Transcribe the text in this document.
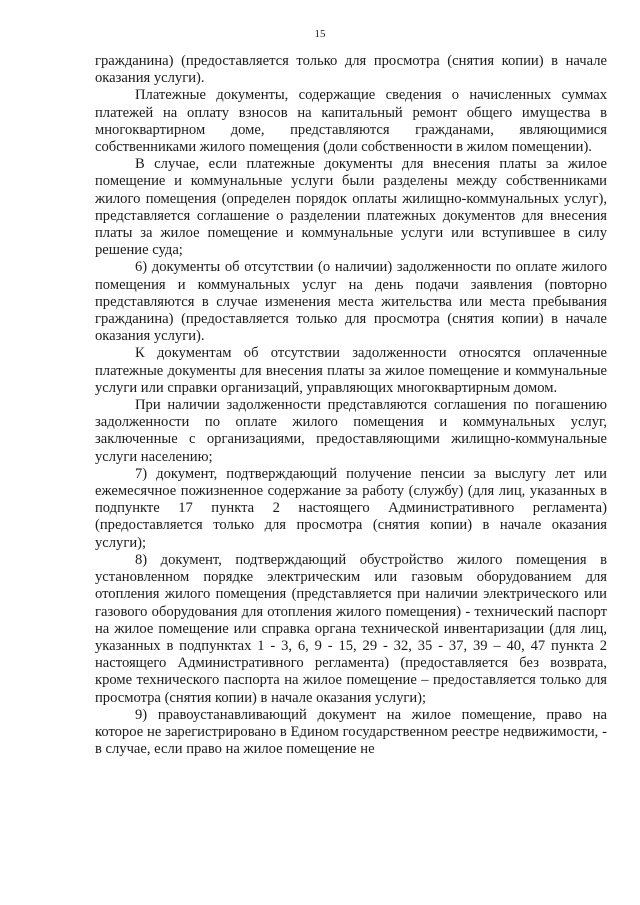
15

гражданина) (предоставляется только для просмотра (снятия копии) в начале оказания услуги).

Платежные документы, содержащие сведения о начисленных суммах платежей на оплату взносов на капитальный ремонт общего имущества в многоквартирном доме, представляются гражданами, являющимися собственниками жилого помещения (доли собственности в жилом помещении).

В случае, если платежные документы для внесения платы за жилое помещение и коммунальные услуги были разделены между собственниками жилого помещения (определен порядок оплаты жилищно-коммунальных услуг), представляется соглашение о разделении платежных документов для внесения платы за жилое помещение и коммунальные услуги или вступившее в силу решение суда;

6) документы об отсутствии (о наличии) задолженности по оплате жилого помещения и коммунальных услуг на день подачи заявления (повторно представляются в случае изменения места жительства или места пребывания гражданина) (предоставляется только для просмотра (снятия копии) в начале оказания услуги).

К документам об отсутствии задолженности относятся оплаченные платежные документы для внесения платы за жилое помещение и коммунальные услуги или справки организаций, управляющих многоквартирным домом.

При наличии задолженности представляются соглашения по погашению задолженности по оплате жилого помещения и коммунальных услуг, заключенные с организациями, предоставляющими жилищно-коммунальные услуги населению;

7) документ, подтверждающий получение пенсии за выслугу лет или ежемесячное пожизненное содержание за работу (службу) (для лиц, указанных в подпункте 17 пункта 2 настоящего Административного регламента) (предоставляется только для просмотра (снятия копии) в начале оказания услуги);

8) документ, подтверждающий обустройство жилого помещения в установленном порядке электрическим или газовым оборудованием для отопления жилого помещения (представляется при наличии электрического или газового оборудования для отопления жилого помещения) - технический паспорт на жилое помещение или справка органа технической инвентаризации (для лиц, указанных в подпунктах 1 - 3, 6, 9 - 15, 29 - 32, 35 - 37, 39 – 40, 47 пункта 2 настоящего Административного регламента) (предоставляется без возврата, кроме технического паспорта на жилое помещение – предоставляется только для просмотра (снятия копии) в начале оказания услуги);

9) правоустанавливающий документ на жилое помещение, право на которое не зарегистрировано в Едином государственном реестре недвижимости, - в случае, если право на жилое помещение не
